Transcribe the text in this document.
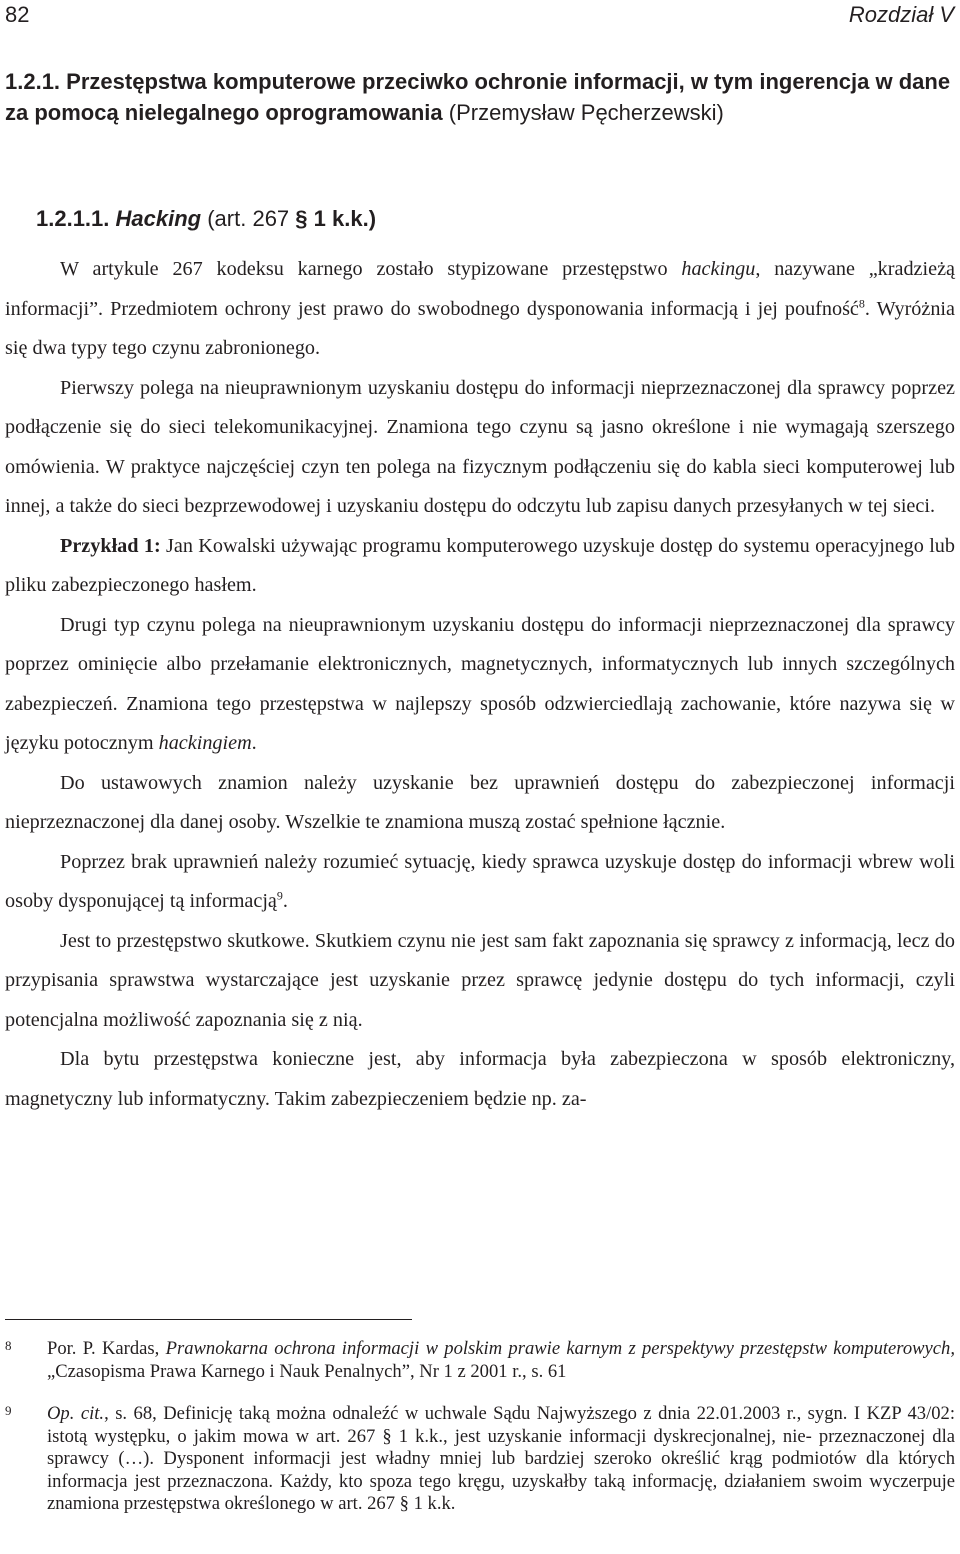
82	Rozdział V
1.2.1. Przestępstwa komputerowe przeciwko ochronie informacji, w tym ingerencja w dane za pomocą nielegalnego oprogramowania (Przemysław Pęcherzewski)
1.2.1.1. Hacking (art. 267 § 1 k.k.)

W artykule 267 kodeksu karnego zostało stypizowane przestępstwo hackingu, nazywane „kradzieżą informacji”. Przedmiotem ochrony jest prawo do swobodnego dysponowania informacją i jej poufność$^8$. Wyróżnia się dwa typy tego czynu zabronionego.

Pierwszy polega na nieuprawnionym uzyskaniu dostępu do informacji nieprzeznaczonej dla sprawcy poprzez podłączenie się do sieci telekomunikacyjnej. Znamiona tego czynu są jasno określone i nie wymagają szerszego omówienia. W praktyce najczęściej czyn ten polega na fizycznym podłączeniu się do kabla sieci komputerowej lub innej, a także do sieci bezprzewodowej i uzyskaniu dostępu do odczytu lub zapisu danych przesyłanych w tej sieci.

Przykład 1: Jan Kowalski używając programu komputerowego uzyskuje dostęp do systemu operacyjnego lub pliku zabezpieczonego hasłem.

Drugi typ czynu polega na nieuprawnionym uzyskaniu dostępu do informacji nieprzeznaczonej dla sprawcy poprzez ominięcie albo przełamanie elektronicznych, magnetycznych, informatycznych lub innych szczególnych zabezpieczeń. Znamiona tego przestępstwa w najlepszy sposób odzwierciedlają zachowanie, które nazywa się w języku potocznym hackingiem.

Do ustawowych znamion należy uzyskanie bez uprawnień dostępu do zabezpieczonej informacji nieprzeznaczonej dla danej osoby. Wszelkie te znamiona muszą zostać spełnione łącznie.

Poprzez brak uprawnień należy rozumieć sytuację, kiedy sprawca uzyskuje dostęp do informacji wbrew woli osoby dysponującej tą informacją$^9$.

Jest to przestępstwo skutkowe. Skutkiem czynu nie jest sam fakt zapoznania się sprawcy z informacją, lecz do przypisania sprawstwa wystarczające jest uzyskanie przez sprawcę jedynie dostępu do tych informacji, czyli potencjalna możliwość zapoznania się z nią.

Dla bytu przestępstwa konieczne jest, aby informacja była zabezpieczona w sposób elektroniczny, magnetyczny lub informatyczny. Takim zabezpieczeniem będzie np. za-

8 Por. P. Kardas, Prawnokarna ochrona informacji w polskim prawie karnym z perspektywy przestępstw komputerowych, „Czasopisma Prawa Karnego i Nauk Penalnych”, Nr 1 z 2001 r., s. 61
9 Op. cit., s. 68, Definicję taką można odnaleźć w uchwale Sądu Najwyższego z dnia 22.01.2003 r., sygn. I KZP 43/02: istotą występku, o jakim mowa w art. 267 § 1 k.k., jest uzyskanie informacji dyskrecjonalnej, nie- przeznaczonej dla sprawcy (…). Dysponent informacji jest władny mniej lub bardziej szeroko określić krąg podmiotów dla których informacja jest przeznaczona. Każdy, kto spoza tego kręgu, uzyskałby taką informację, działaniem swoim wyczerpuje znamiona przestępstwa określonego w art. 267 § 1 k.k.
